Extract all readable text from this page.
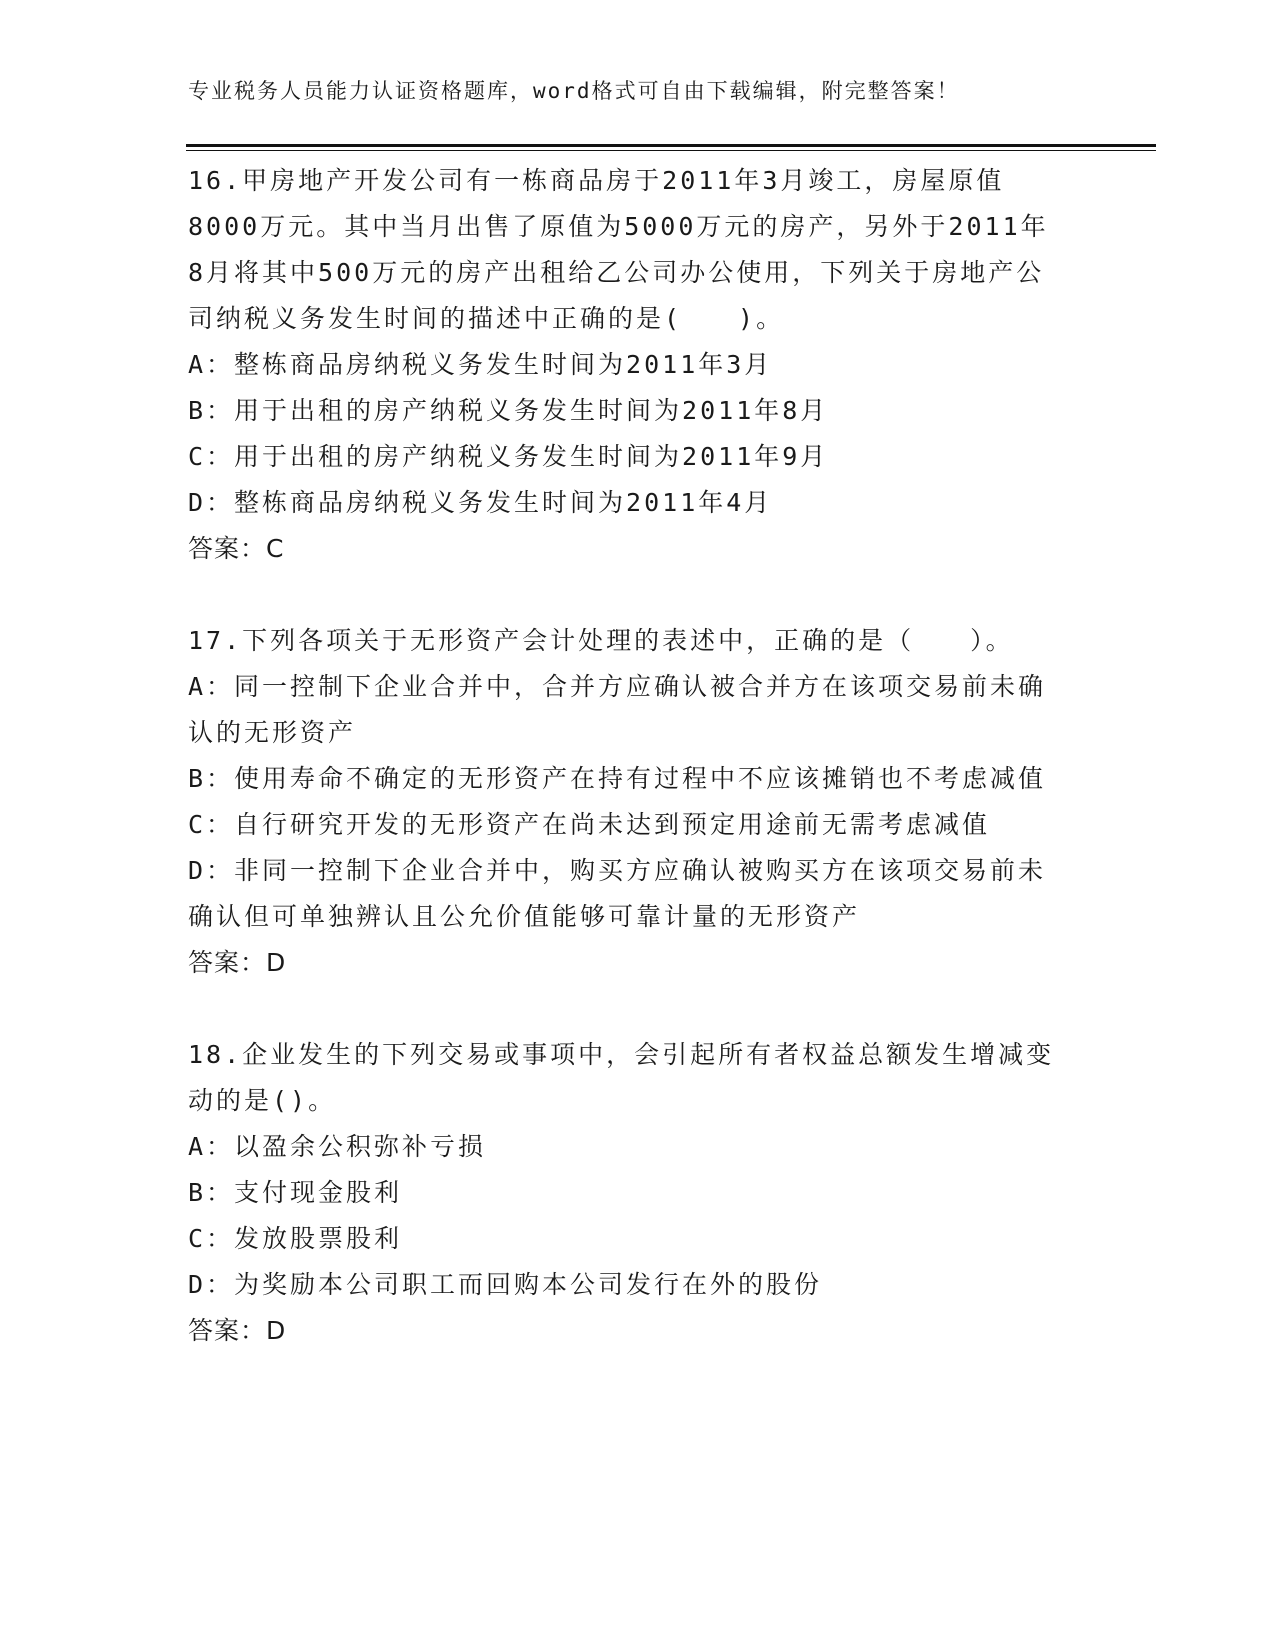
专业税务人员能力认证资格题库，word格式可自由下载编辑，附完整答案！

16.甲房地产开发公司有一栋商品房于2011年3月竣工，房屋原值

8000万元。其中当月出售了原值为5000万元的房产，另外于2011年

8月将其中500万元的房产出租给乙公司办公使用，下列关于房地产公

司纳税义务发生时间的描述中正确的是(　　)。

A：整栋商品房纳税义务发生时间为2011年3月

B：用于出租的房产纳税义务发生时间为2011年8月

C：用于出租的房产纳税义务发生时间为2011年9月

D：整栋商品房纳税义务发生时间为2011年4月

答案：C

17.下列各项关于无形资产会计处理的表述中，正确的是（　　）。

A：同一控制下企业合并中，合并方应确认被合并方在该项交易前未确

认的无形资产

B：使用寿命不确定的无形资产在持有过程中不应该摊销也不考虑减值

C：自行研究开发的无形资产在尚未达到预定用途前无需考虑减值

D：非同一控制下企业合并中，购买方应确认被购买方在该项交易前未

确认但可单独辨认且公允价值能够可靠计量的无形资产

答案：D

18.企业发生的下列交易或事项中，会引起所有者权益总额发生增减变

动的是()。

A：以盈余公积弥补亏损

B：支付现金股利

C：发放股票股利

D：为奖励本公司职工而回购本公司发行在外的股份

答案：D
